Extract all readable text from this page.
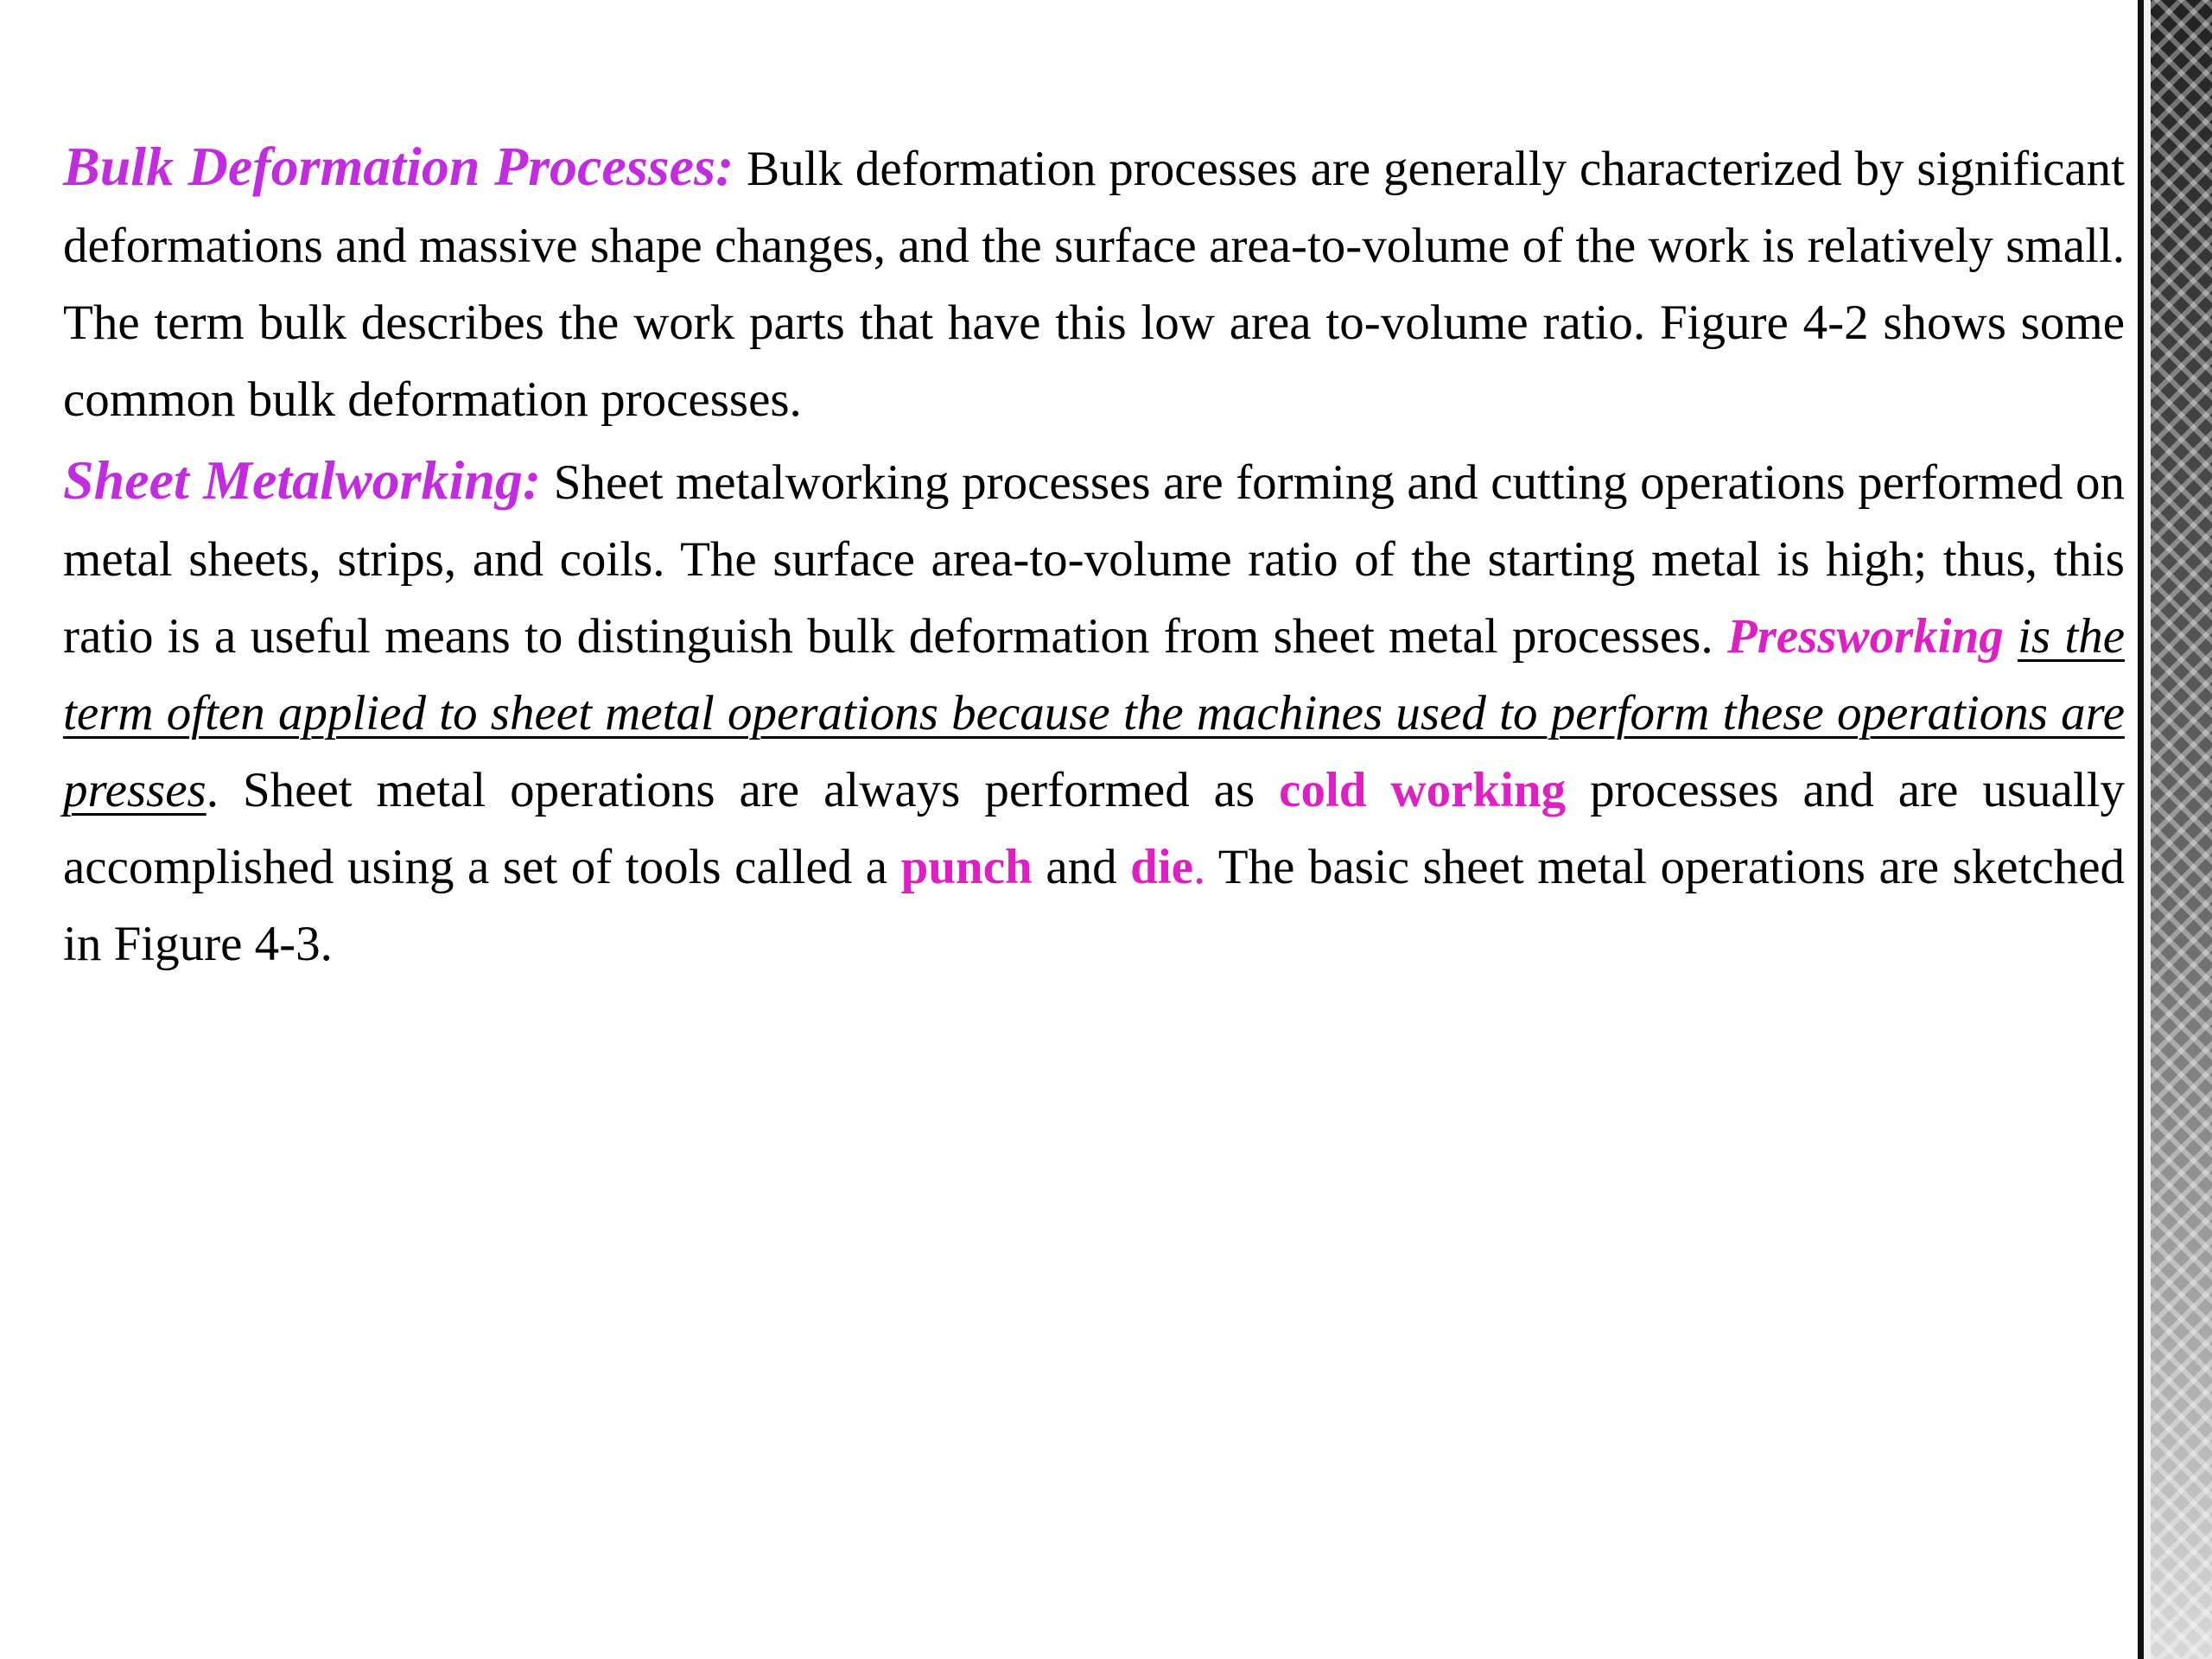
Bulk Deformation Processes: Bulk deformation processes are generally characterized by significant deformations and massive shape changes, and the surface area-to-volume of the work is relatively small. The term bulk describes the work parts that have this low area to-volume ratio. Figure 4-2 shows some common bulk deformation processes.

Sheet Metalworking: Sheet metalworking processes are forming and cutting operations performed on metal sheets, strips, and coils. The surface area-to-volume ratio of the starting metal is high; thus, this ratio is a useful means to distinguish bulk deformation from sheet metal processes. Pressworking is the term often applied to sheet metal operations because the machines used to perform these operations are presses. Sheet metal operations are always performed as cold working processes and are usually accomplished using a set of tools called a punch and die. The basic sheet metal operations are sketched in Figure 4-3.
